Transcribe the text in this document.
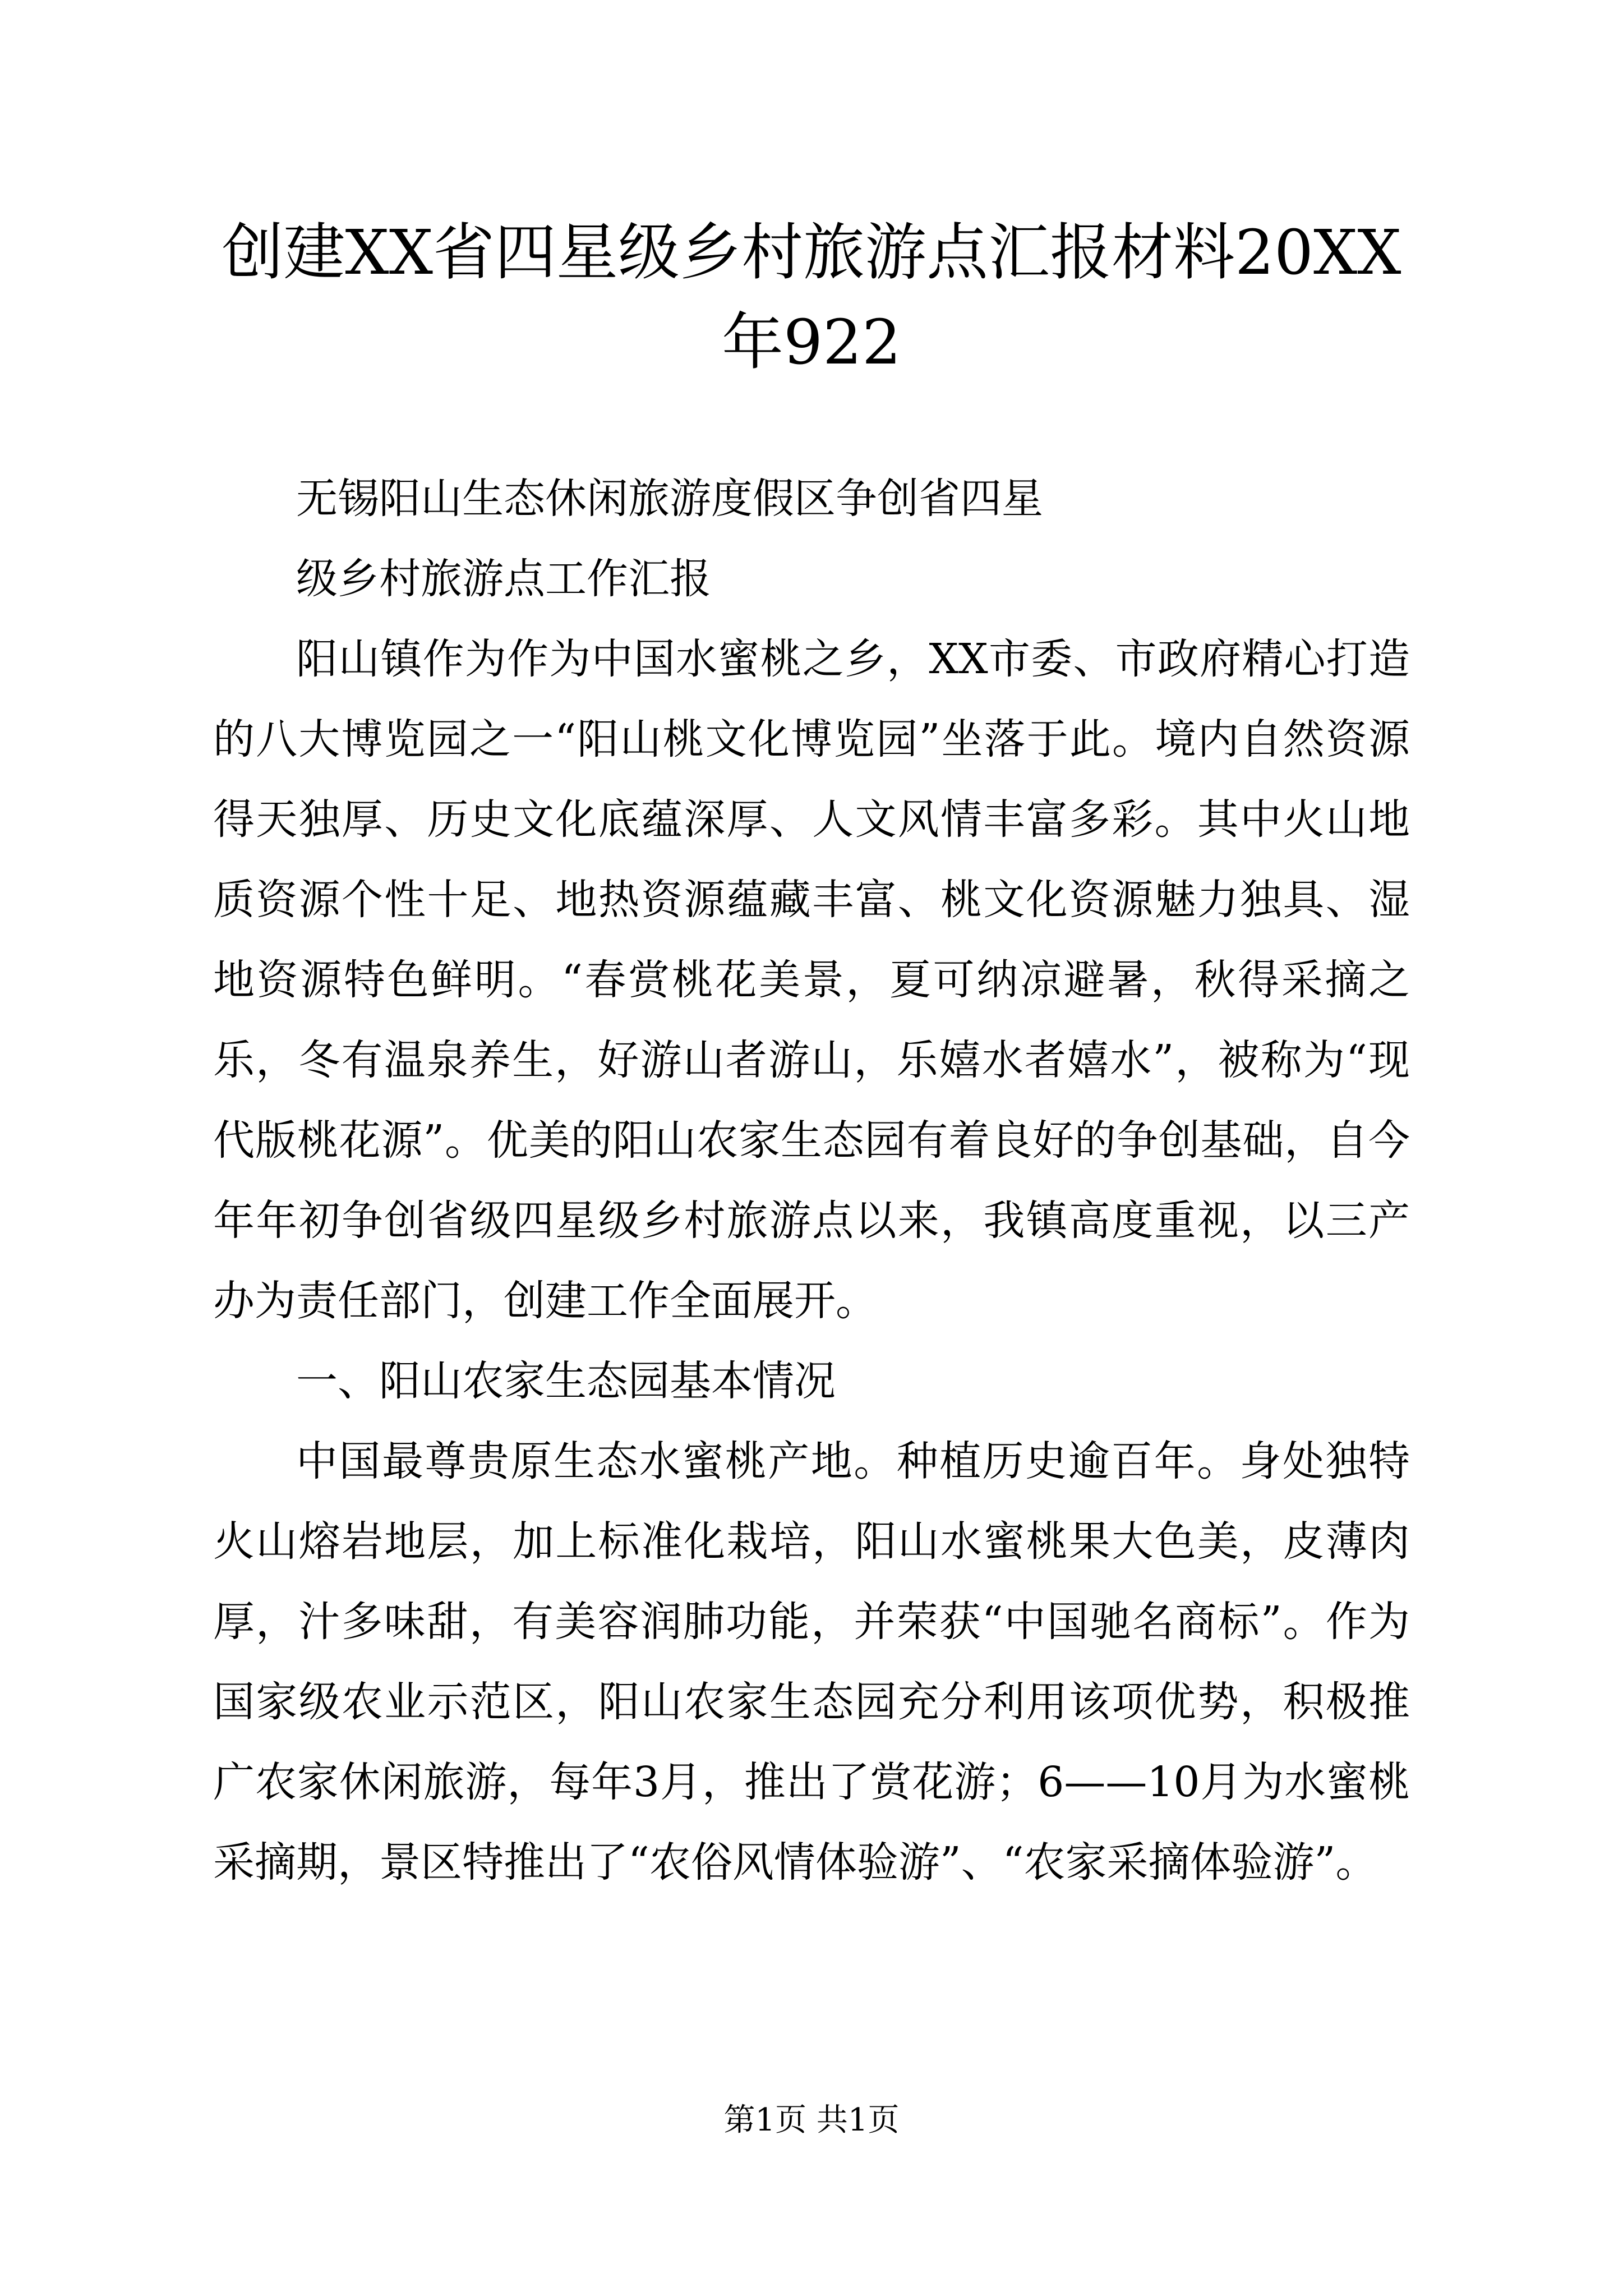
创建XX省四星级乡村旅游点汇报材料20XX年922

无锡阳山生态休闲旅游度假区争创省四星

级乡村旅游点工作汇报

阳山镇作为作为中国水蜜桃之乡，XX市委、市政府精心打造的八大博览园之一“阳山桃文化博览园”坐落于此。境内自然资源得天独厚、历史文化底蕴深厚、人文风情丰富多彩。其中火山地质资源个性十足、地热资源蕴藏丰富、桃文化资源魅力独具、湿地资源特色鲜明。“春赏桃花美景，夏可纳凉避暑，秋得采摘之乐，冬有温泉养生，好游山者游山，乐嬉水者嬉水”，被称为“现代版桃花源”。优美的阳山农家生态园有着良好的争创基础，自今年年初争创省级四星级乡村旅游点以来，我镇高度重视，以三产办为责任部门，创建工作全面展开。

一、阳山农家生态园基本情况

中国最尊贵原生态水蜜桃产地。种植历史逾百年。身处独特火山熔岩地层，加上标准化栽培，阳山水蜜桃果大色美，皮薄肉厚，汁多味甜，有美容润肺功能，并荣获“中国驰名商标”。作为国家级农业示范区，阳山农家生态园充分利用该项优势，积极推广农家休闲旅游，每年3月，推出了赏花游；6——10月为水蜜桃采摘期，景区特推出了“农俗风情体验游”、“农家采摘体验游”。

第1页 共1页
